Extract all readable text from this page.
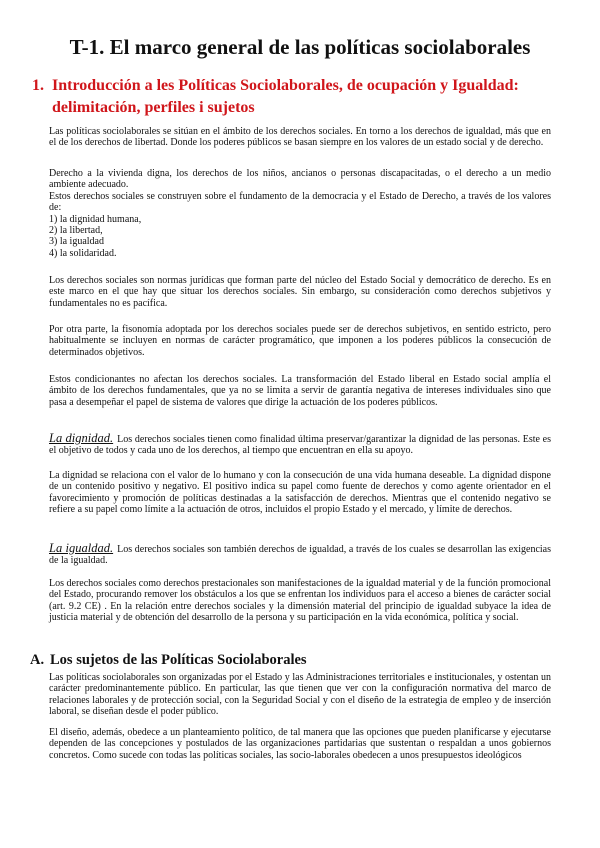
T-1. El marco general de las políticas sociolaborales
1. Introducción a les Políticas Sociolaborales, de ocupación y Igualdad: delimitación, perfiles i sujetos

Las políticas sociolaborales se sitúan en el ámbito de los derechos sociales. En torno a los derechos de igualdad, más que en el de los derechos de libertad. Donde los poderes públicos se basan siempre en los valores de un estado social y de derecho.

Derecho a la vivienda digna, los derechos de los niños, ancianos o personas discapacitadas, o el derecho a un medio ambiente adecuado.

Estos derechos sociales se construyen sobre el fundamento de la democracia y el Estado de Derecho, a través de los valores de:

1) la dignidad humana,
2) la libertad,
3) la igualdad
4) la solidaridad.

Los derechos sociales son normas jurídicas que forman parte del núcleo del Estado Social y democrático de derecho. Es en este marco en el que hay que situar los derechos sociales. Sin embargo, su consideración como derechos subjetivos y fundamentales no es pacífica.

Por otra parte, la fisonomía adoptada por los derechos sociales puede ser de derechos subjetivos, en sentido estricto, pero habitualmente se incluyen en normas de carácter programático, que imponen a los poderes públicos la consecución de determinados objetivos.

Estos condicionantes no afectan los derechos sociales. La transformación del Estado liberal en Estado social amplía el ámbito de los derechos fundamentales, que ya no se limita a servir de garantía negativa de intereses individuales sino que pasa a desempeñar el papel de sistema de valores que dirige la actuación de los poderes públicos.

La dignidad. Los derechos sociales tienen como finalidad última preservar/garantizar la dignidad de las personas. Este es el objetivo de todos y cada uno de los derechos, al tiempo que encuentran en ella su apoyo.

La dignidad se relaciona con el valor de lo humano y con la consecución de una vida humana deseable. La dignidad dispone de un contenido positivo y negativo. El positivo indica su papel como fuente de derechos y como agente orientador en el favorecimiento y promoción de políticas destinadas a la satisfacción de derechos. Mientras que el contenido negativo se refiere a su papel como límite a la actuación de otros, incluidos el propio Estado y el mercado, y límite de derechos.

La igualdad. Los derechos sociales son también derechos de igualdad, a través de los cuales se desarrollan las exigencias de la igualdad.

Los derechos sociales como derechos prestacionales son manifestaciones de la igualdad material y de la función promocional del Estado, procurando remover los obstáculos a los que se enfrentan los individuos para el acceso a bienes de carácter social (art. 9.2 CE) . En la relación entre derechos sociales y la dimensión material del principio de igualdad subyace la idea de justicia material y de obtención del desarrollo de la persona y su participación en la vida económica, política y social.

A. Los sujetos de las Políticas Sociolaborales

Las políticas sociolaborales son organizadas por el Estado y las Administraciones territoriales e institucionales, y ostentan un carácter predominantemente público. En particular, las que tienen que ver con la configuración normativa del marco de relaciones laborales y de protección social, con la Seguridad Social y con el diseño de la estrategia de empleo y de inserción laboral, se diseñan desde el poder público.

El diseño, además, obedece a un planteamiento político, de tal manera que las opciones que pueden planificarse y ejecutarse dependen de las concepciones y postulados de las organizaciones partidarias que sustentan o respaldan a unos gobiernos concretos. Como sucede con todas las políticas sociales, las socio-laborales obedecen a unos presupuestos ideológicos
